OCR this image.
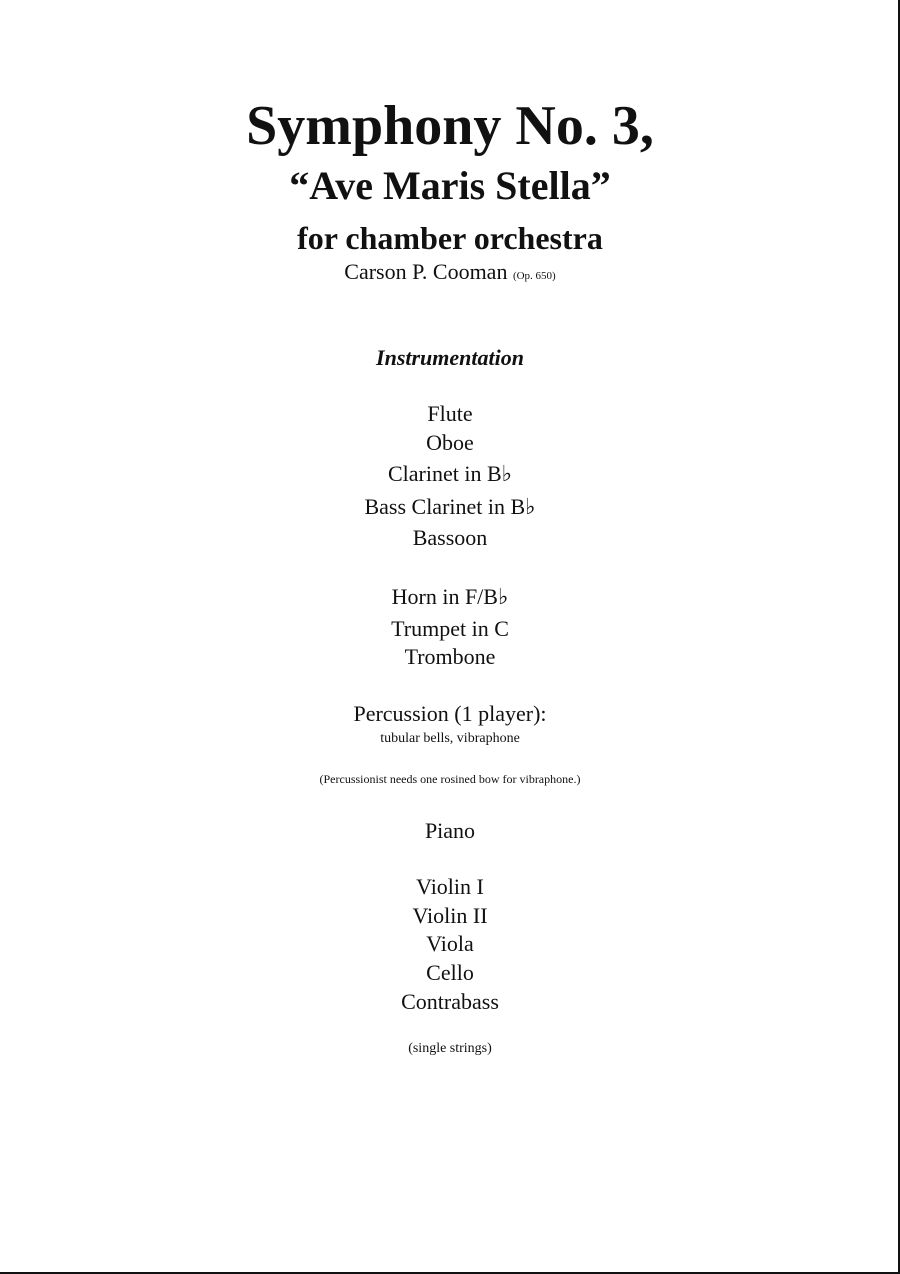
Symphony No. 3,
“Ave Maris Stella”
for chamber orchestra
Carson P. Cooman (Op. 650)
Instrumentation
Flute
Oboe
Clarinet in B♭
Bass Clarinet in B♭
Bassoon
Horn in F/B♭
Trumpet in C
Trombone
Percussion (1 player):
tubular bells, vibraphone
(Percussionist needs one rosined bow for vibraphone.)
Piano
Violin I
Violin II
Viola
Cello
Contrabass
(single strings)
